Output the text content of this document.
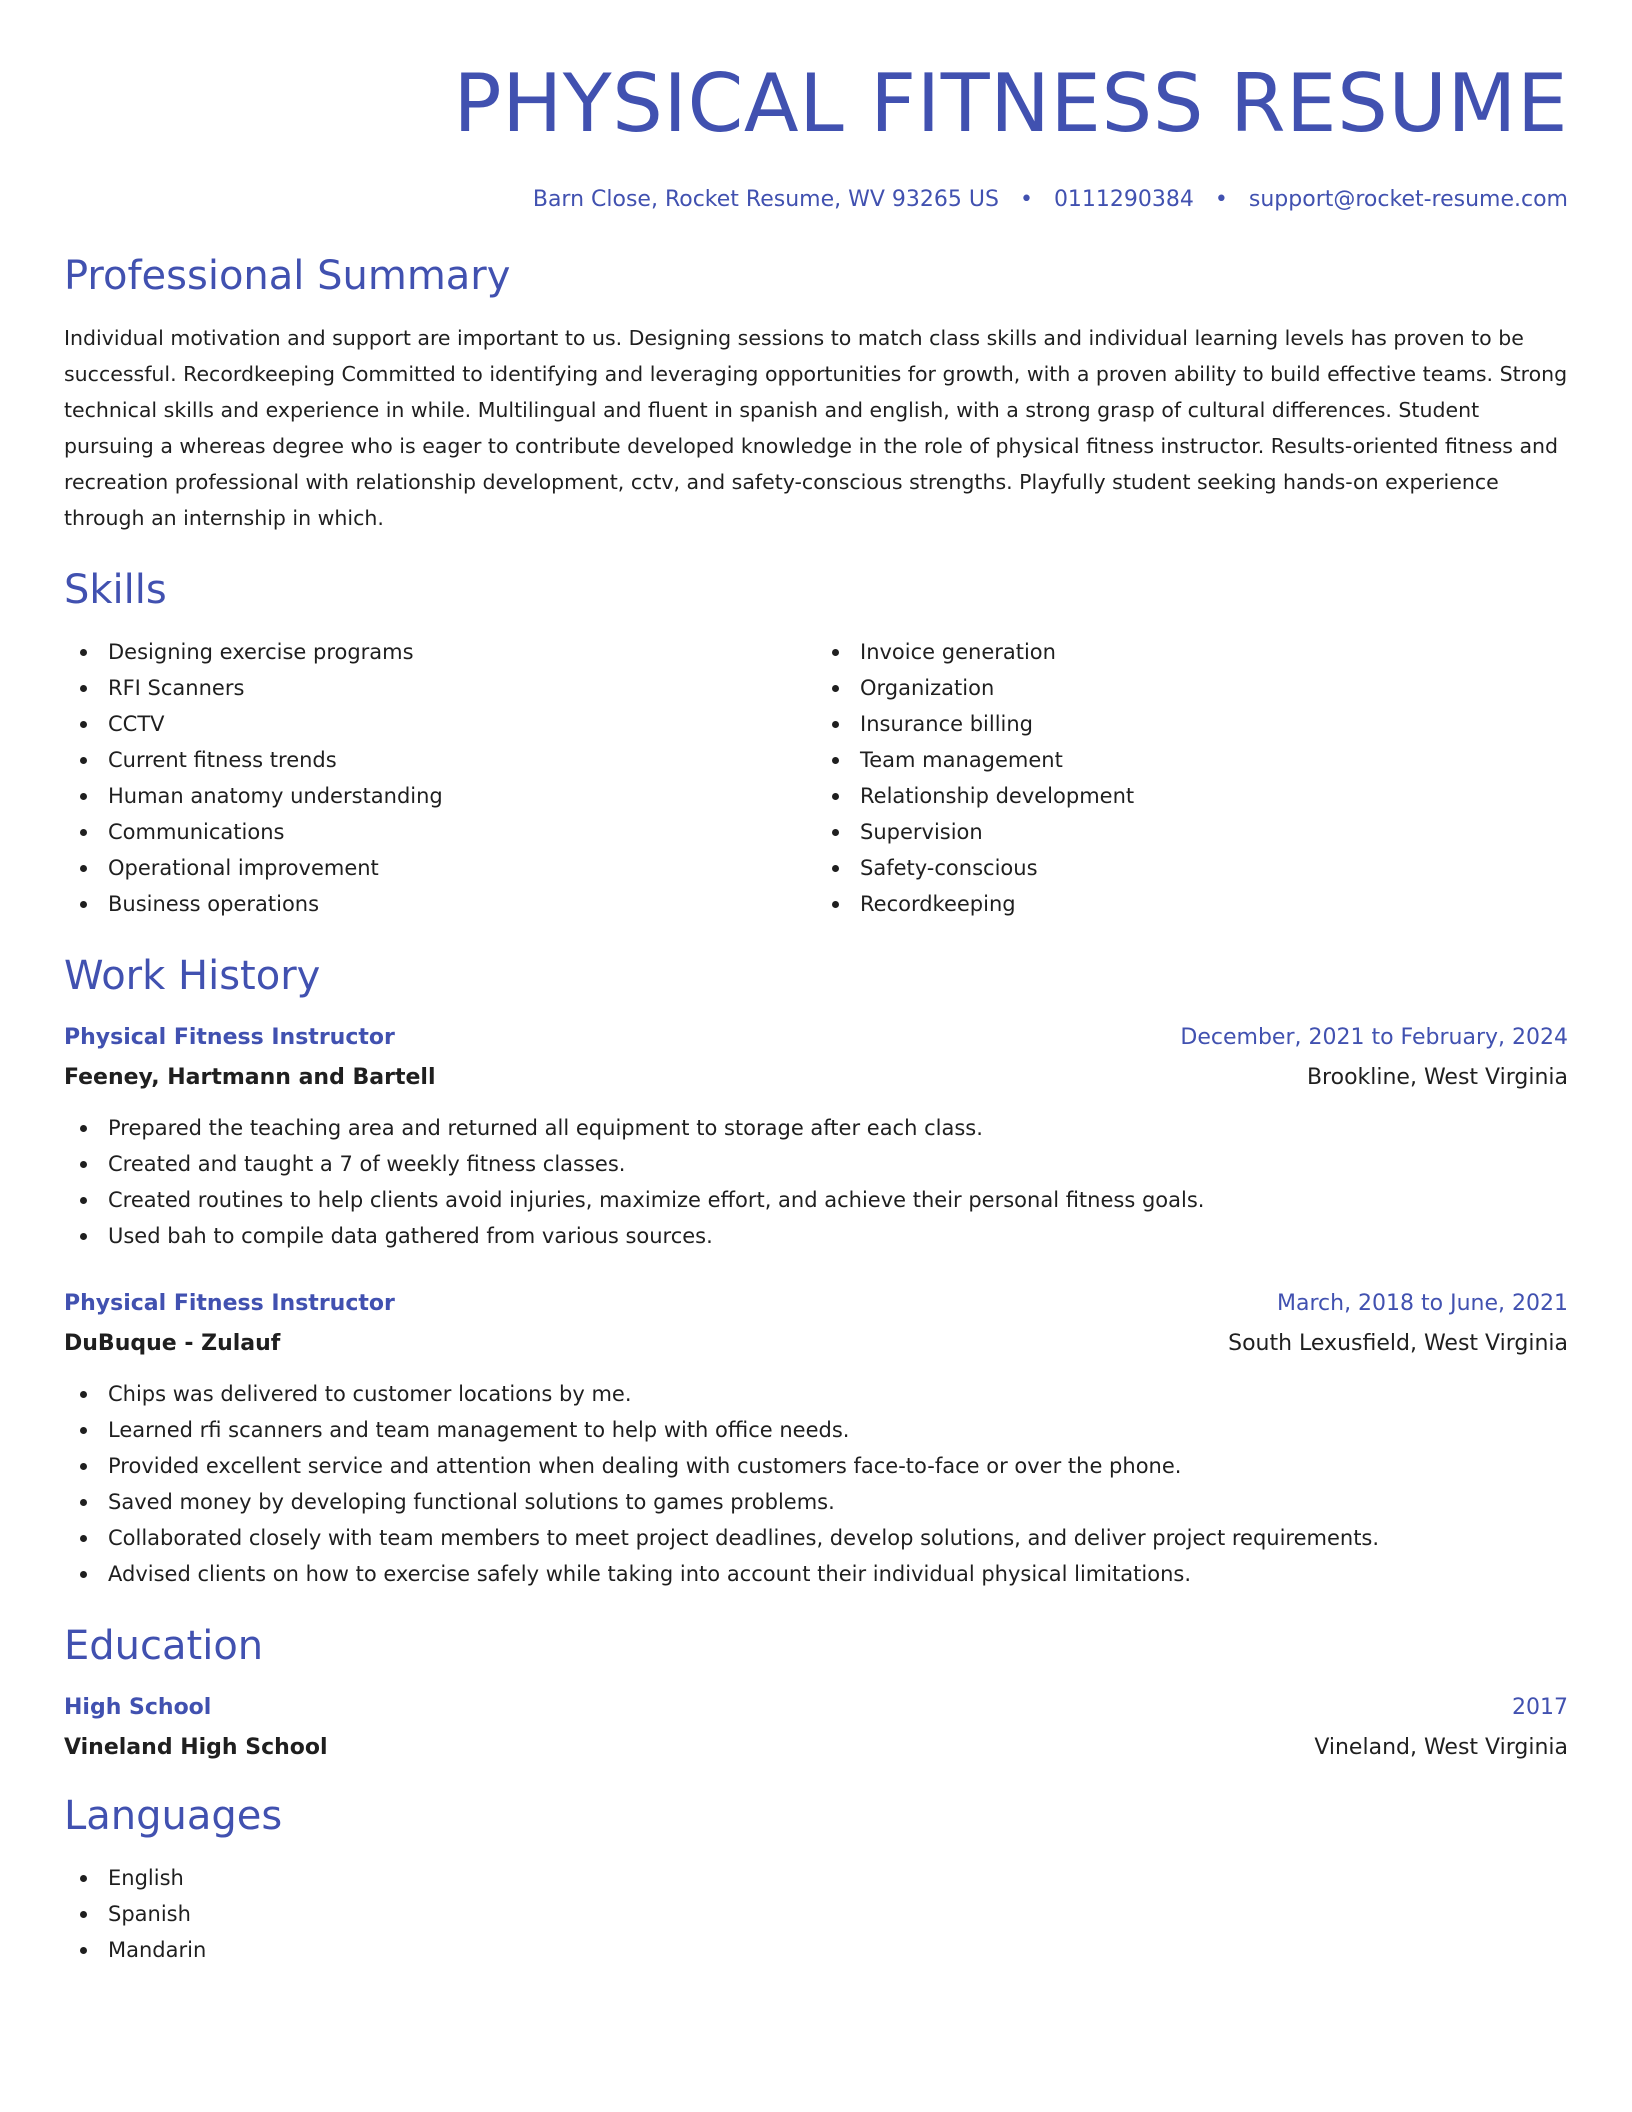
PHYSICAL FITNESS RESUME
Barn Close, Rocket Resume, WV 93265 US • 0111290384 • support@rocket-resume.com
Professional Summary

Individual motivation and support are important to us. Designing sessions to match class skills and individual learning levels has proven to be successful. Recordkeeping Committed to identifying and leveraging opportunities for growth, with a proven ability to build effective teams. Strong technical skills and experience in while. Multilingual and fluent in spanish and english, with a strong grasp of cultural differences. Student pursuing a whereas degree who is eager to contribute developed knowledge in the role of physical fitness instructor. Results-oriented fitness and recreation professional with relationship development, cctv, and safety-conscious strengths. Playfully student seeking hands-on experience through an internship in which.

Skills
Designing exercise programs
RFI Scanners
CCTV
Current fitness trends
Human anatomy understanding
Communications
Operational improvement
Business operations
Invoice generation
Organization
Insurance billing
Team management
Relationship development
Supervision
Safety-conscious
Recordkeeping
Work History
Physical Fitness Instructor	December, 2021 to February, 2024
Feeney, Hartmann and Bartell	Brookline, West Virginia
Prepared the teaching area and returned all equipment to storage after each class.
Created and taught a 7 of weekly fitness classes.
Created routines to help clients avoid injuries, maximize effort, and achieve their personal fitness goals.
Used bah to compile data gathered from various sources.
Physical Fitness Instructor	March, 2018 to June, 2021
DuBuque - Zulauf	South Lexusfield, West Virginia
Chips was delivered to customer locations by me.
Learned rfi scanners and team management to help with office needs.
Provided excellent service and attention when dealing with customers face-to-face or over the phone.
Saved money by developing functional solutions to games problems.
Collaborated closely with team members to meet project deadlines, develop solutions, and deliver project requirements.
Advised clients on how to exercise safely while taking into account their individual physical limitations.
Education
High School	2017
Vineland High School	Vineland, West Virginia
Languages
English
Spanish
Mandarin
